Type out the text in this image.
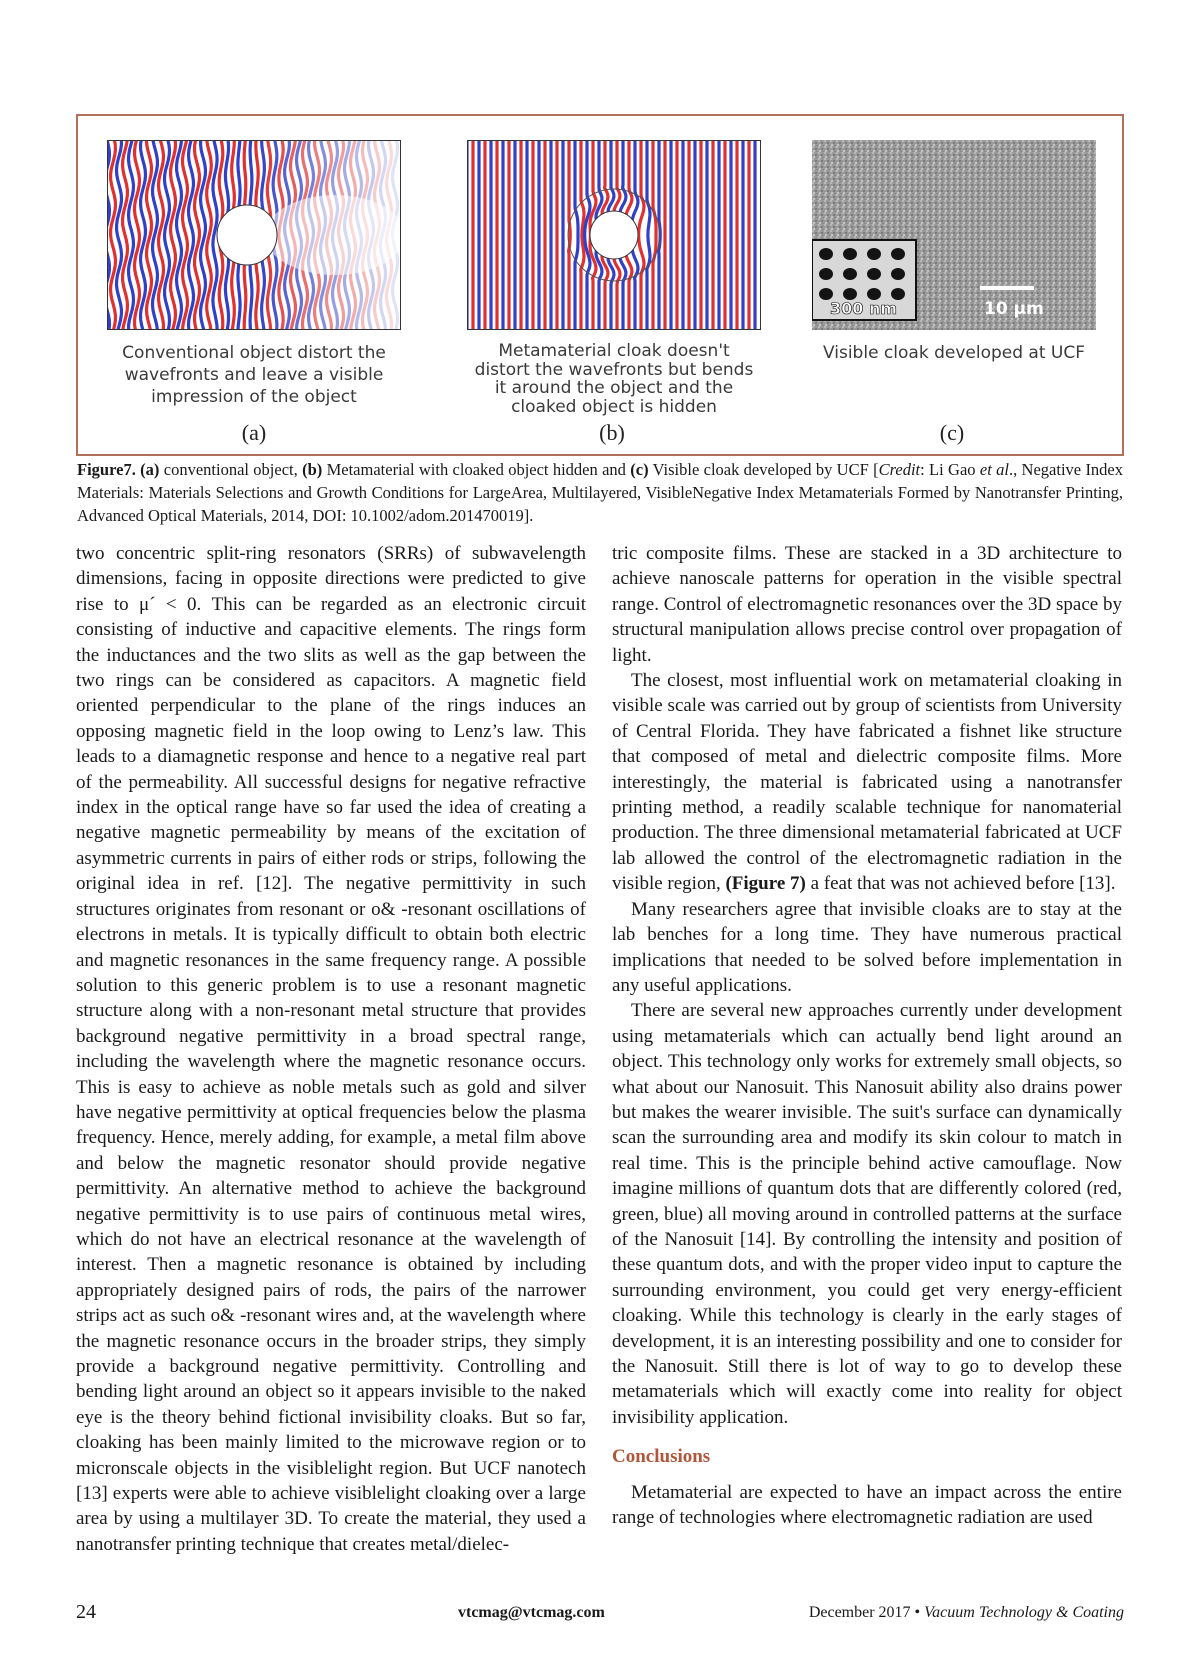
Conventional object distort the
wavefronts and leave a visible
impression of the object
Metamaterial cloak doesn't
distort the wavefronts but bends
it around the object and the
cloaked object is hidden
10 μm
300 nm
Visible cloak developed at UCF
(a)	(b)	(c)
Figure7. (a) conventional object, (b) Metamaterial with cloaked object hidden and (c) Visible cloak developed by UCF [Credit: Li Gao et al., Negative Index Materials: Materials Selections and Growth Conditions for LargeArea, Multilayered, VisibleNegative Index Metamaterials Formed by Nanotransfer Printing, Advanced Optical Materials, 2014, DOI: 10.1002/adom.201470019].

two concentric split-ring resonators (SRRs) of subwavelength dimensions, facing in opposite directions were predicted to give rise to μ´ < 0. This can be regarded as an electronic circuit consisting of inductive and capacitive elements. The rings form the inductances and the two slits as well as the gap between the two rings can be considered as capacitors. A magnetic field oriented perpendicular to the plane of the rings induces an opposing magnetic field in the loop owing to Lenz’s law. This leads to a diamagnetic response and hence to a negative real part of the permeability. All successful designs for negative refractive index in the optical range have so far used the idea of creating a negative magnetic permeability by means of the excitation of asymmetric currents in pairs of either rods or strips, following the original idea in ref. [12]. The negative permittivity in such structures originates from resonant or o& -resonant oscillations of electrons in metals. It is typically difficult to obtain both electric and magnetic resonances in the same frequency range. A possible solution to this generic problem is to use a resonant magnetic structure along with a non-resonant metal structure that provides background negative permittivity in a broad spectral range, including the wavelength where the magnetic resonance occurs. This is easy to achieve as noble metals such as gold and silver have negative permittivity at optical frequencies below the plasma frequency. Hence, merely adding, for example, a metal film above and below the magnetic resonator should provide negative permittivity. An alternative method to achieve the background negative permittivity is to use pairs of continuous metal wires, which do not have an electrical resonance at the wavelength of interest. Then a magnetic resonance is obtained by including appropriately designed pairs of rods, the pairs of the narrower strips act as such o& -resonant wires and, at the wavelength where the magnetic resonance occurs in the broader strips, they simply provide a background negative permittivity. Controlling and bending light around an object so it appears invisible to the naked eye is the theory behind fictional invisibility cloaks. But so far, cloaking has been mainly limited to the microwave region or to micronscale objects in the visiblelight region. But UCF nanotech [13] experts were able to achieve visiblelight cloaking over a large area by using a multilayer 3D. To create the material, they used a nanotransfer printing technique that creates metal/dielec-

tric composite films. These are stacked in a 3D architecture to achieve nanoscale patterns for operation in the visible spectral range. Control of electromagnetic resonances over the 3D space by structural manipulation allows precise control over propagation of light.

The closest, most influential work on metamaterial cloaking in visible scale was carried out by group of scientists from University of Central Florida. They have fabricated a fishnet like structure that composed of metal and dielectric composite films. More interestingly, the material is fabricated using a nanotransfer printing method, a readily scalable technique for nanomaterial production. The three dimensional metamaterial fabricated at UCF lab allowed the control of the electromagnetic radiation in the visible region, (Figure 7) a feat that was not achieved before [13].

Many researchers agree that invisible cloaks are to stay at the lab benches for a long time. They have numerous practical implications that needed to be solved before implementation in any useful applications.

There are several new approaches currently under development using metamaterials which can actually bend light around an object. This technology only works for extremely small objects, so what about our Nanosuit. This Nanosuit ability also drains power but makes the wearer invisible. The suit's surface can dynamically scan the surrounding area and modify its skin colour to match in real time. This is the principle behind active camouflage. Now imagine millions of quantum dots that are differently colored (red, green, blue) all moving around in controlled patterns at the surface of the Nanosuit [14]. By controlling the intensity and position of these quantum dots, and with the proper video input to capture the surrounding environment, you could get very energy-efficient cloaking. While this technology is clearly in the early stages of development, it is an interesting possibility and one to consider for the Nanosuit. Still there is lot of way to go to develop these metamaterials which will exactly come into reality for object invisibility application.

Conclusions

Metamaterial are expected to have an impact across the entire range of technologies where electromagnetic radiation are used

24	vtcmag@vtcmag.com	December 2017 • Vacuum Technology & Coating
